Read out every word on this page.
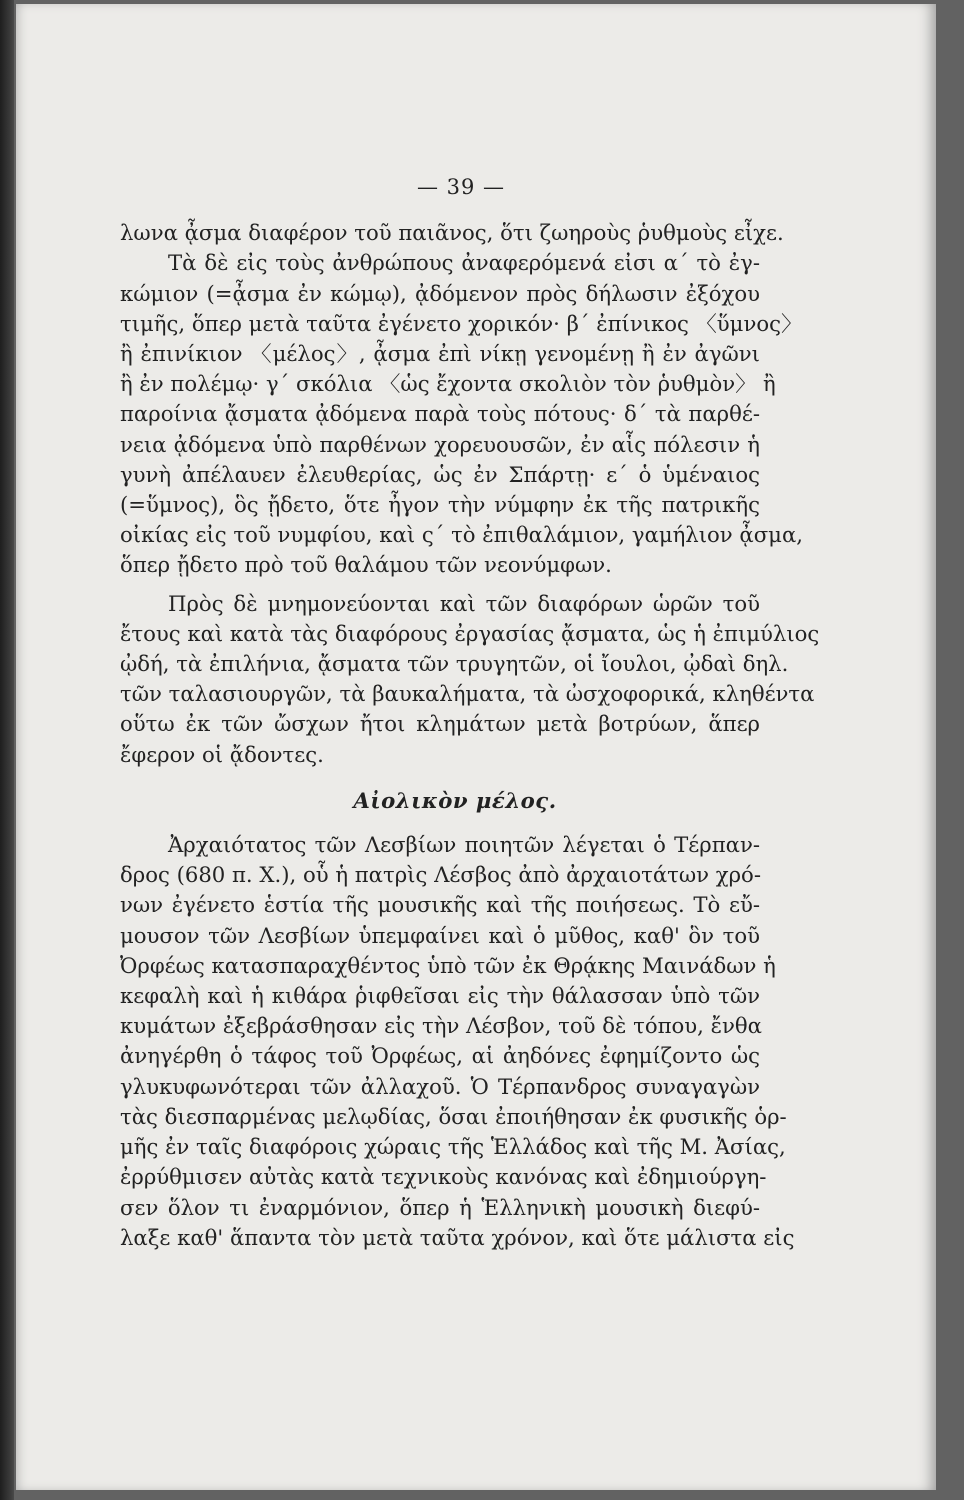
— 39 —
λωνα ᾆσμα διαφέρον τοῦ παιᾶνος, ὅτι ζωηροὺς ῥυθμοὺς εἶχε.
Τὰ δὲ εἰς τοὺς ἀνθρώπους ἀναφερόμενά εἰσι α΄ τὸ ἐγ-
κώμιον (=ᾆσμα ἐν κώμῳ), ᾀδόμενον πρὸς δήλωσιν ἐξόχου
τιμῆς, ὅπερ μετὰ ταῦτα ἐγένετο χορικόν· β΄ ἐπίνικος 〈ὕμνος〉
ἢ ἐπινίκιον 〈μέλος〉, ᾆσμα ἐπὶ νίκῃ γενομένῃ ἢ ἐν ἀγῶνι
ἢ ἐν πολέμῳ· γ΄ σκόλια 〈ὡς ἔχοντα σκολιὸν τὸν ῥυθμὸν〉 ἢ
παροίνια ᾄσματα ᾀδόμενα παρὰ τοὺς πότους· δ΄ τὰ παρθέ-
νεια ᾀδόμενα ὑπὸ παρθένων χορευουσῶν, ἐν αἷς πόλεσιν ἡ
γυνὴ ἀπέλαυεν ἐλευθερίας, ὡς ἐν Σπάρτῃ· ε΄ ὁ ὑμέναιος
(=ὕμνος), ὃς ᾔδετο, ὅτε ἦγον τὴν νύμφην ἐκ τῆς πατρικῆς
οἰκίας εἰς τοῦ νυμφίου, καὶ ς΄ τὸ ἐπιθαλάμιον, γαμήλιον ᾆσμα,
ὅπερ ᾔδετο πρὸ τοῦ θαλάμου τῶν νεονύμφων.
Πρὸς δὲ μνημονεύονται καὶ τῶν διαφόρων ὡρῶν τοῦ
ἔτους καὶ κατὰ τὰς διαφόρους ἐργασίας ᾄσματα, ὡς ἡ ἐπιμύλιος
ᾠδή, τὰ ἐπιλήνια, ᾄσματα τῶν τρυγητῶν, οἱ ἴουλοι, ᾠδαὶ δηλ.
τῶν ταλασιουργῶν, τὰ βαυκαλήματα, τὰ ὠσχοφορικά, κληθέντα
οὕτω ἐκ τῶν ὤσχων ἤτοι κλημάτων μετὰ βοτρύων, ἅπερ
ἔφερον οἱ ᾄδοντες.
Αἰολικὸν μέλος.
Ἀρχαιότατος τῶν Λεσβίων ποιητῶν λέγεται ὁ Τέρπαν-
δρος (680 π. Χ.), οὗ ἡ πατρὶς Λέσβος ἀπὸ ἀρχαιοτάτων χρό-
νων ἐγένετο ἑστία τῆς μουσικῆς καὶ τῆς ποιήσεως. Τὸ εὔ-
μουσον τῶν Λεσβίων ὑπεμφαίνει καὶ ὁ μῦθος, καθ' ὃν τοῦ
Ὀρφέως κατασπαραχθέντος ὑπὸ τῶν ἐκ Θρᾴκης Μαινάδων ἡ
κεφαλὴ καὶ ἡ κιθάρα ῥιφθεῖσαι εἰς τὴν θάλασσαν ὑπὸ τῶν
κυμάτων ἐξεβράσθησαν εἰς τὴν Λέσβον, τοῦ δὲ τόπου, ἔνθα
ἀνηγέρθη ὁ τάφος τοῦ Ὀρφέως, αἱ ἀηδόνες ἐφημίζοντο ὡς
γλυκυφωνότεραι τῶν ἀλλαχοῦ. Ὁ Τέρπανδρος συναγαγὼν
τὰς διεσπαρμένας μελῳδίας, ὅσαι ἐποιήθησαν ἐκ φυσικῆς ὁρ-
μῆς ἐν ταῖς διαφόροις χώραις τῆς Ἑλλάδος καὶ τῆς Μ. Ἀσίας,
ἐρρύθμισεν αὐτὰς κατὰ τεχνικοὺς κανόνας καὶ ἐδημιούργη-
σεν ὅλον τι ἐναρμόνιον, ὅπερ ἡ Ἑλληνικὴ μουσικὴ διεφύ-
λαξε καθ' ἅπαντα τὸν μετὰ ταῦτα χρόνον, καὶ ὅτε μάλιστα εἰς
